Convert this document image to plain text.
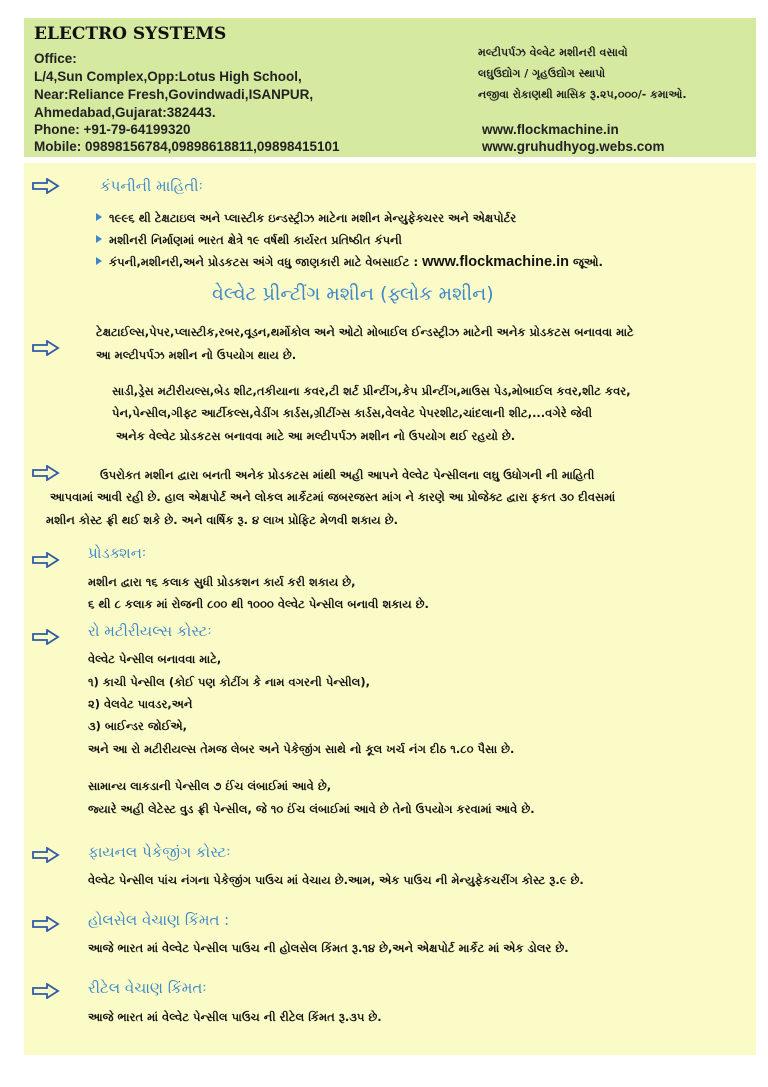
ELECTRO SYSTEMS
Office:
L/4,Sun Complex,Opp:Lotus High School,
Near:Reliance Fresh,Govindwadi,ISANPUR,
Ahmedabad,Gujarat:382443.
Phone: +91-79-64199320
Mobile: 09898156784,09898618811,09898415101
મલ્ટીપર્પઝ વેલ્વેટ મશીનરી વસાવો
લઘુઉદ્યોગ / ગૃહઉદ્યોગ સ્થાપો
નજીવા રોકાણથી માસિક રૂ.૨૫,૦૦૦/- કમાઓ.
www.flockmachine.in
www.gruhudhyog.webs.com
કંપનીની માહિતીઃ
૧૯૯૬ થી ટેક્ષટાઇલ અને પ્લાસ્ટીક ઇન્ડસ્ટ્રીઝ માટેના મશીન મેન્યુફેક્ચરર અને એક્ષપોર્ટર
મશીનરી નિર્માણમાં ભારત ક્ષેત્રે ૧૯ વર્ષથી કાર્યરત પ્રતિષ્ઠીત કંપની
કંપની,મશીનરી,અને પ્રોડકટસ અંગે વધુ જાણકારી માટે વેબસાઈટ : www.flockmachine.in જૂઓ.
વેલ્વેટ પ્રીન્ટીંગ મશીન (ફ્લોક મશીન)
ટેક્ષટાઈલ્સ,પેપર,પ્લાસ્ટીક,રબર,વૂડન,થર્મોકોલ અને ઓટો મોબાઈલ ઈન્ડસ્ટ્રીઝ માટેની અનેક પ્રોડકટસ બનાવવા માટે
આ મલ્ટીપર્પઝ મશીન નો ઉપયોગ થાય છે.
સાડી,ડ્રેસ મટીરીયલ્સ,બેડ શીટ,તકીયાના કવર,ટી શર્ટ પ્રીન્ટીંગ,કેપ પ્રીન્ટીંગ,માઉસ પેડ,મોબાઈલ કવર,શીટ કવર,
પેન,પેન્સીલ,ગીફ્ટ આર્ટીકલ્સ,વેડીંગ કાર્ડસ,ગ્રીટીંગ્સ કાર્ડસ,વેલવેટ પેપરશીટ,ચાંદલાની શીટ,...વગેરે જેવી
અનેક વેલ્વેટ પ્રોડકટસ બનાવવા માટે આ મલ્ટીપર્પઝ મશીન નો ઉપયોગ થઈ રહયો છે.
ઉપરોકત મશીન દ્વારા બનતી અનેક પ્રોડકટસ માંથી અહી આપને વેલ્વેટ પેન્સીલના લઘુ ઉધોગની ની માહિતી
આપવામાં આવી રહી છે. હાલ એક્ષપોર્ટ અને લોકલ માર્કેટમાં જબરજસ્ત માંગ ને કારણે આ પ્રોજેક્ટ દ્વારા ફકત ૩૦ દીવસમાં
મશીન કોસ્ટ ફ્રી થઈ શકે છે. અને વાર્ષિક રૂ. ૪ લાખ પ્રોફિટ મેળવી શકાય છે.
પ્રોડક્શનઃ
મશીન દ્વારા ૧૬ કલાક સુધી પ્રોડકશન કાર્ય કરી શકાય છે,
૬ થી ૮ કલાક માં રોજની ૮૦૦ થી ૧૦૦૦ વેલ્વેટ પેન્સીલ બનાવી શકાય છે.
રો મટીરીયલ્સ કોસ્ટઃ
વેલ્વેટ પેન્સીલ બનાવવા માટે,
૧) કાચી પેન્સીલ (કોઈ પણ કોટીંગ કે નામ વગરની પેન્સીલ),
૨) વેલવેટ પાવડર,અને
૩) બાઈન્ડર જોઈએ,
અને આ રો મટીરીયલ્સ તેમજ લેબર અને પેકેજીંગ સાથે નો કૂલ ખર્ચ નંગ દીઠ ૧.૮૦ પૈસા છે.
સામાન્ય લાકડાની પેન્સીલ ૭ ઈંચ લંબાઈમાં આવે છે,
જ્યારે અહી લેટેસ્ટ વુડ ફ્રી પેન્સીલ, જે ૧૦ ઈંચ લંબાઈમાં આવે છે તેનો ઉપયોગ કરવામાં આવે છે.
ફાયનલ પેકેજીંગ કોસ્ટઃ
વેલ્વેટ પેન્સીલ પાંચ નંગના પેકેજીંગ પાઉચ માં વેચાય છે.આમ, એક પાઉચ ની મેન્યુફેકચરીંગ કોસ્ટ રૂ.૯ છે.
હોલસેલ વેચાણ કિંમત :
આજે ભારત માં વેલ્વેટ પેન્સીલ પાઉચ ની હોલસેલ કિંમત રૂ.૧૪ છે,અને એક્ષપોર્ટ માર્કેટ માં એક ડોલર છે.
રીટેલ વેચાણ કિંમતઃ
આજે ભારત માં વેલ્વેટ પેન્સીલ પાઉચ ની રીટેલ કિંમત રૂ.૩૫ છે.
